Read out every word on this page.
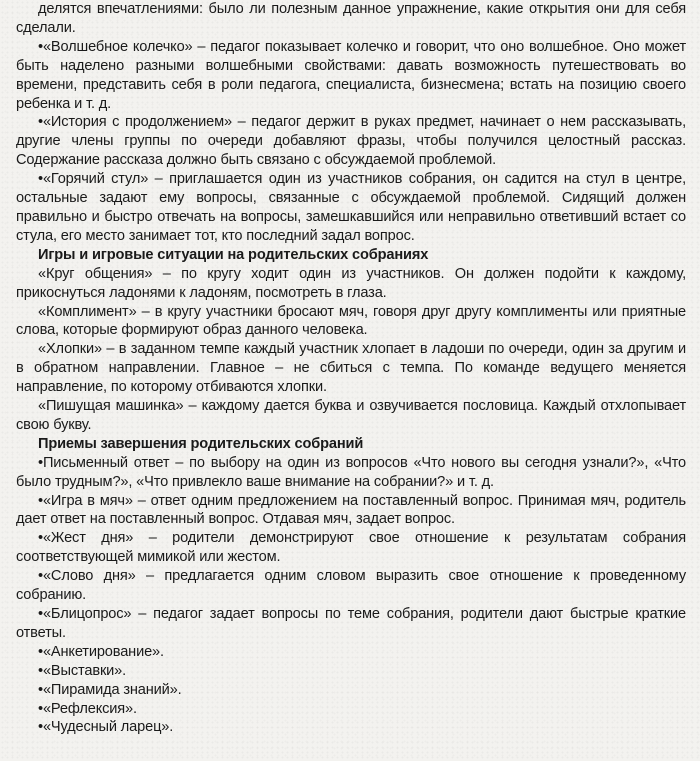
делятся впечатлениями: было ли полезным данное упражнение, какие открытия они для себя сделали.

•«Волшебное колечко» – педагог показывает колечко и говорит, что оно волшебное. Оно может быть наделено разными волшебными свойствами: давать возможность путешествовать во времени, представить себя в роли педагога, специалиста, бизнесмена; встать на позицию своего ребенка и т. д.

•«История с продолжением» – педагог держит в руках предмет, начинает о нем рассказывать, другие члены группы по очереди добавляют фразы, чтобы получился целостный рассказ. Содержание рассказа должно быть связано с обсуждаемой проблемой.

•«Горячий стул» – приглашается один из участников собрания, он садится на стул в центре, остальные задают ему вопросы, связанные с обсуждаемой проблемой. Сидящий должен правильно и быстро отвечать на вопросы, замешкавшийся или неправильно ответивший встает со стула, его место занимает тот, кто последний задал вопрос.

Игры и игровые ситуации на родительских собраниях

«Круг общения» – по кругу ходит один из участников. Он должен подойти к каждому, прикоснуться ладонями к ладоням, посмотреть в глаза.

«Комплимент» – в кругу участники бросают мяч, говоря друг другу комплименты или приятные слова, которые формируют образ данного человека.

«Хлопки» – в заданном темпе каждый участник хлопает в ладоши по очереди, один за другим и в обратном направлении. Главное – не сбиться с темпа. По команде ведущего меняется направление, по которому отбиваются хлопки.

«Пишущая машинка» – каждому дается буква и озвучивается пословица. Каждый отхлопывает свою букву.

Приемы завершения родительских собраний

•Письменный ответ – по выбору на один из вопросов «Что нового вы сегодня узнали?», «Что было трудным?», «Что привлекло ваше внимание на собрании?» и т. д.

•«Игра в мяч» – ответ одним предложением на поставленный вопрос. Принимая мяч, родитель дает ответ на поставленный вопрос. Отдавая мяч, задает вопрос.

•«Жест дня» – родители демонстрируют свое отношение к результатам собрания соответствующей мимикой или жестом.

•«Слово дня» – предлагается одним словом выразить свое отношение к проведенному собранию.

•«Блицопрос» – педагог задает вопросы по теме собрания, родители дают быстрые краткие ответы.

•«Анкетирование».

•«Выставки».

•«Пирамида знаний».

•«Рефлексия».

•«Чудесный ларец».
